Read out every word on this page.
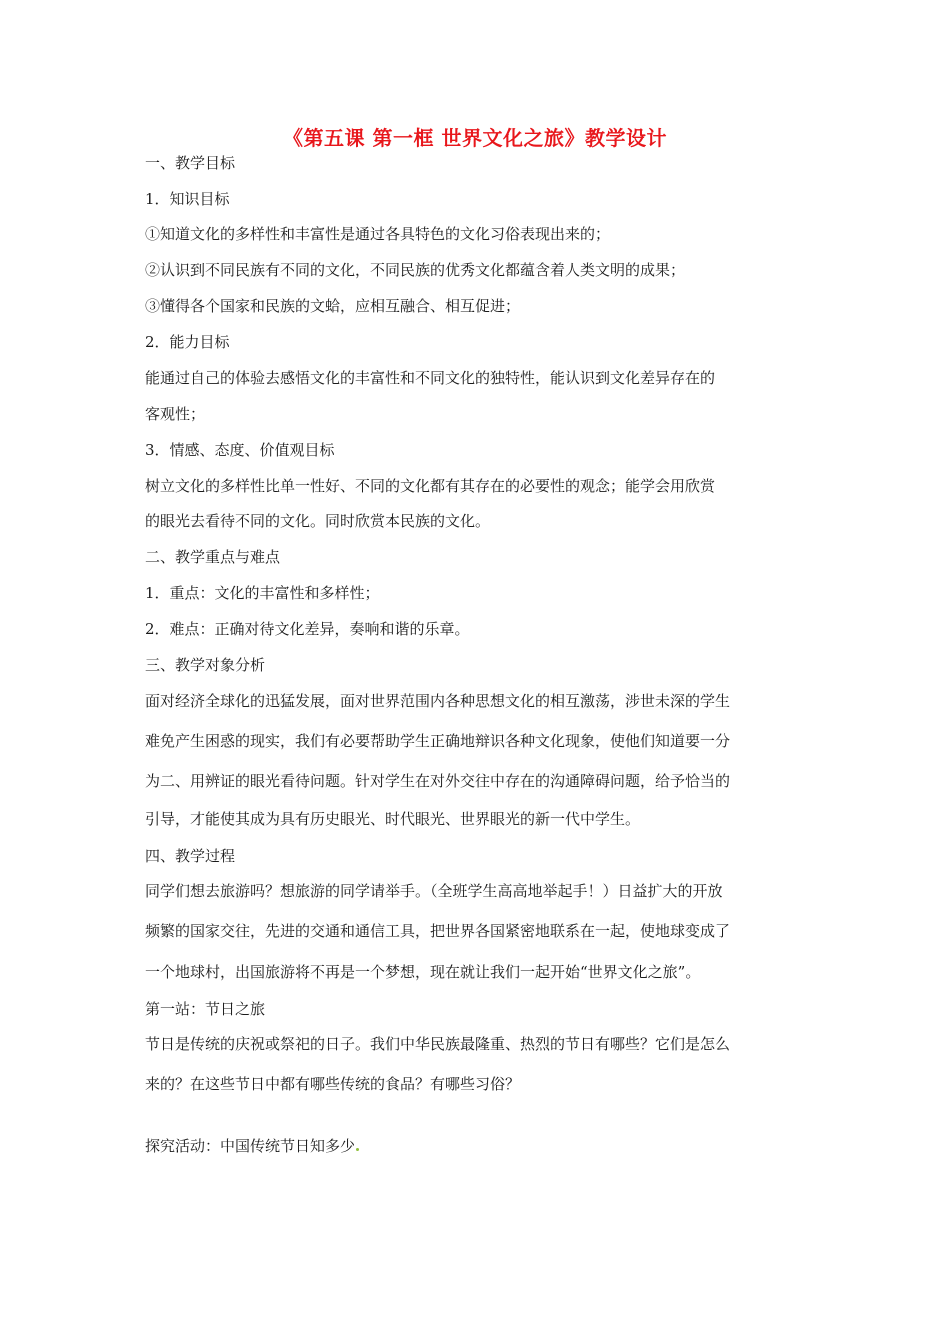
《第五课 第一框 世界文化之旅》教学设计
一、教学目标
1．知识目标
①知道文化的多样性和丰富性是通过各具特色的文化习俗表现出来的；
②认识到不同民族有不同的文化，不同民族的优秀文化都蕴含着人类文明的成果；
③懂得各个国家和民族的文蛤，应相互融合、相互促进；
2．能力目标
能通过自己的体验去感悟文化的丰富性和不同文化的独特性，能认识到文化差异存在的
客观性；
3．情感、态度、价值观目标
树立文化的多样性比单一性好、不同的文化都有其存在的必要性的观念；能学会用欣赏
的眼光去看待不同的文化。同时欣赏本民族的文化。
二、教学重点与难点
1．重点：文化的丰富性和多样性；
2．难点：正确对待文化差异，奏响和谐的乐章。
三、教学对象分析
面对经济全球化的迅猛发展，面对世界范围内各种思想文化的相互激荡，涉世未深的学生
难免产生困惑的现实，我们有必要帮助学生正确地辩识各种文化现象，使他们知道要一分
为二、用辨证的眼光看待问题。针对学生在对外交往中存在的沟通障碍问题，给予恰当的
引导，才能使其成为具有历史眼光、时代眼光、世界眼光的新一代中学生。
四、教学过程
同学们想去旅游吗？想旅游的同学请举手。（全班学生高高地举起手！）日益扩大的开放
频繁的国家交往，先进的交通和通信工具，把世界各国紧密地联系在一起，使地球变成了
一个地球村，出国旅游将不再是一个梦想，现在就让我们一起开始“世界文化之旅”。
第一站：节日之旅
节日是传统的庆祝或祭祀的日子。我们中华民族最隆重、热烈的节日有哪些？它们是怎么
来的？在这些节日中都有哪些传统的食品？有哪些习俗？
探究活动：中国传统节日知多少
